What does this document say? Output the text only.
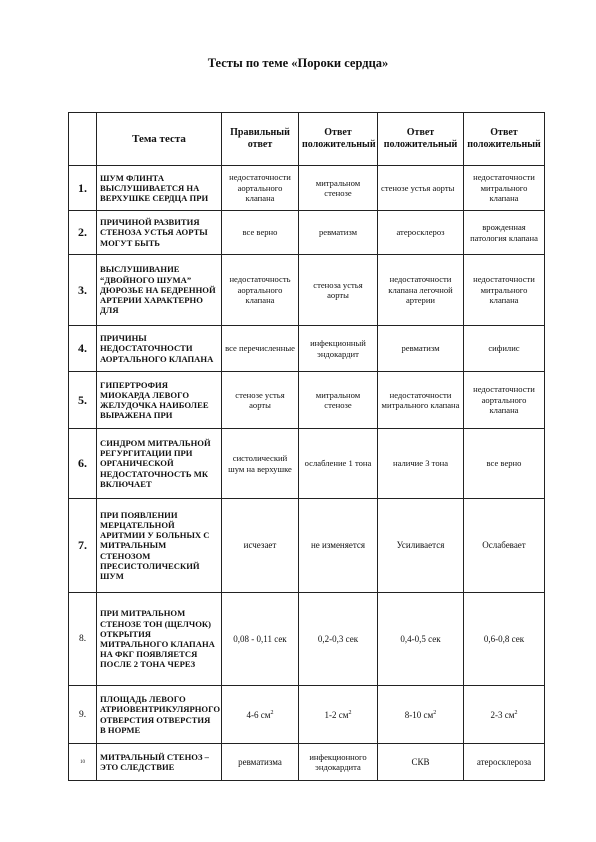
Тесты по теме «Пороки сердца»
	Тема теста	Правильный ответ	Ответ положительный	Ответ положительный	Ответ положительный
1.	ШУМ ФЛИНТА ВЫСЛУШИВАЕТСЯ НА ВЕРХУШКЕ СЕРДЦА ПРИ	недостаточности аортального клапана	митральном стенозе	стенозе устья аорты	недостаточности митрального клапана
2.	ПРИЧИНОЙ РАЗВИТИЯ СТЕНОЗА УСТЬЯ АОРТЫ МОГУТ БЫТЬ	все верно	ревматизм	атеросклероз	врожденная патология клапана
3.	ВЫСЛУШИВАНИЕ “ДВОЙНОГО ШУМА” ДЮРОЗЬЕ НА БЕДРЕННОЙ АРТЕРИИ ХАРАКТЕРНО ДЛЯ	недостаточность аортального клапана	стеноза устья аорты	недостаточности клапана легочной артерии	недостаточности митрального клапана
4.	ПРИЧИНЫ НЕДОСТАТОЧНОСТИ АОРТАЛЬНОГО КЛАПАНА	все перечисленные	инфекционный эндокардит	ревматизм	сифилис
5.	ГИПЕРТРОФИЯ МИОКАРДА ЛЕВОГО ЖЕЛУДОЧКА НАИБОЛЕЕ ВЫРАЖЕНА ПРИ	стенозе устья аорты	митральном стенозе	недостаточности митрального клапана	недостаточности аортального клапана
6.	СИНДРОМ МИТРАЛЬНОЙ РЕГУРГИТАЦИИ ПРИ ОРГАНИЧЕСКОЙ НЕДОСТАТОЧНОСТЬ МК ВКЛЮЧАЕТ	систолический шум на верхушке	ослабление 1 тона	наличие 3 тона	все верно
7.	ПРИ ПОЯВЛЕНИИ МЕРЦАТЕЛЬНОЙ АРИТМИИ У БОЛЬНЫХ С МИТРАЛЬНЫМ СТЕНОЗОМ ПРЕСИСТОЛИЧЕСКИЙ ШУМ	исчезает	не изменяется	Усиливается	Ослабевает
8.	ПРИ МИТРАЛЬНОМ СТЕНОЗЕ ТОН (ЩЕЛЧОК) ОТКРЫТИЯ МИТРАЛЬНОГО КЛАПАНА НА ФКГ ПОЯВЛЯЕТСЯ ПОСЛЕ 2 ТОНА ЧЕРЕЗ	0,08 - 0,11 сек	0,2-0,3 сек	0,4-0,5 сек	0,6-0,8 сек
9.	ПЛОЩАДЬ ЛЕВОГО АТРИОВЕНТРИКУЛЯРНОГО ОТВЕРСТИЯ ОТВЕРСТИЯ В НОРМЕ	4-6 $см^2$	1-2 $см^2$	8-10 $см^2$	2-3 $см^2$
10	МИТРАЛЬНЫЙ СТЕНОЗ – ЭТО СЛЕДСТВИЕ	ревматизма	инфекционного эндокардита	СКВ	атеросклероза
